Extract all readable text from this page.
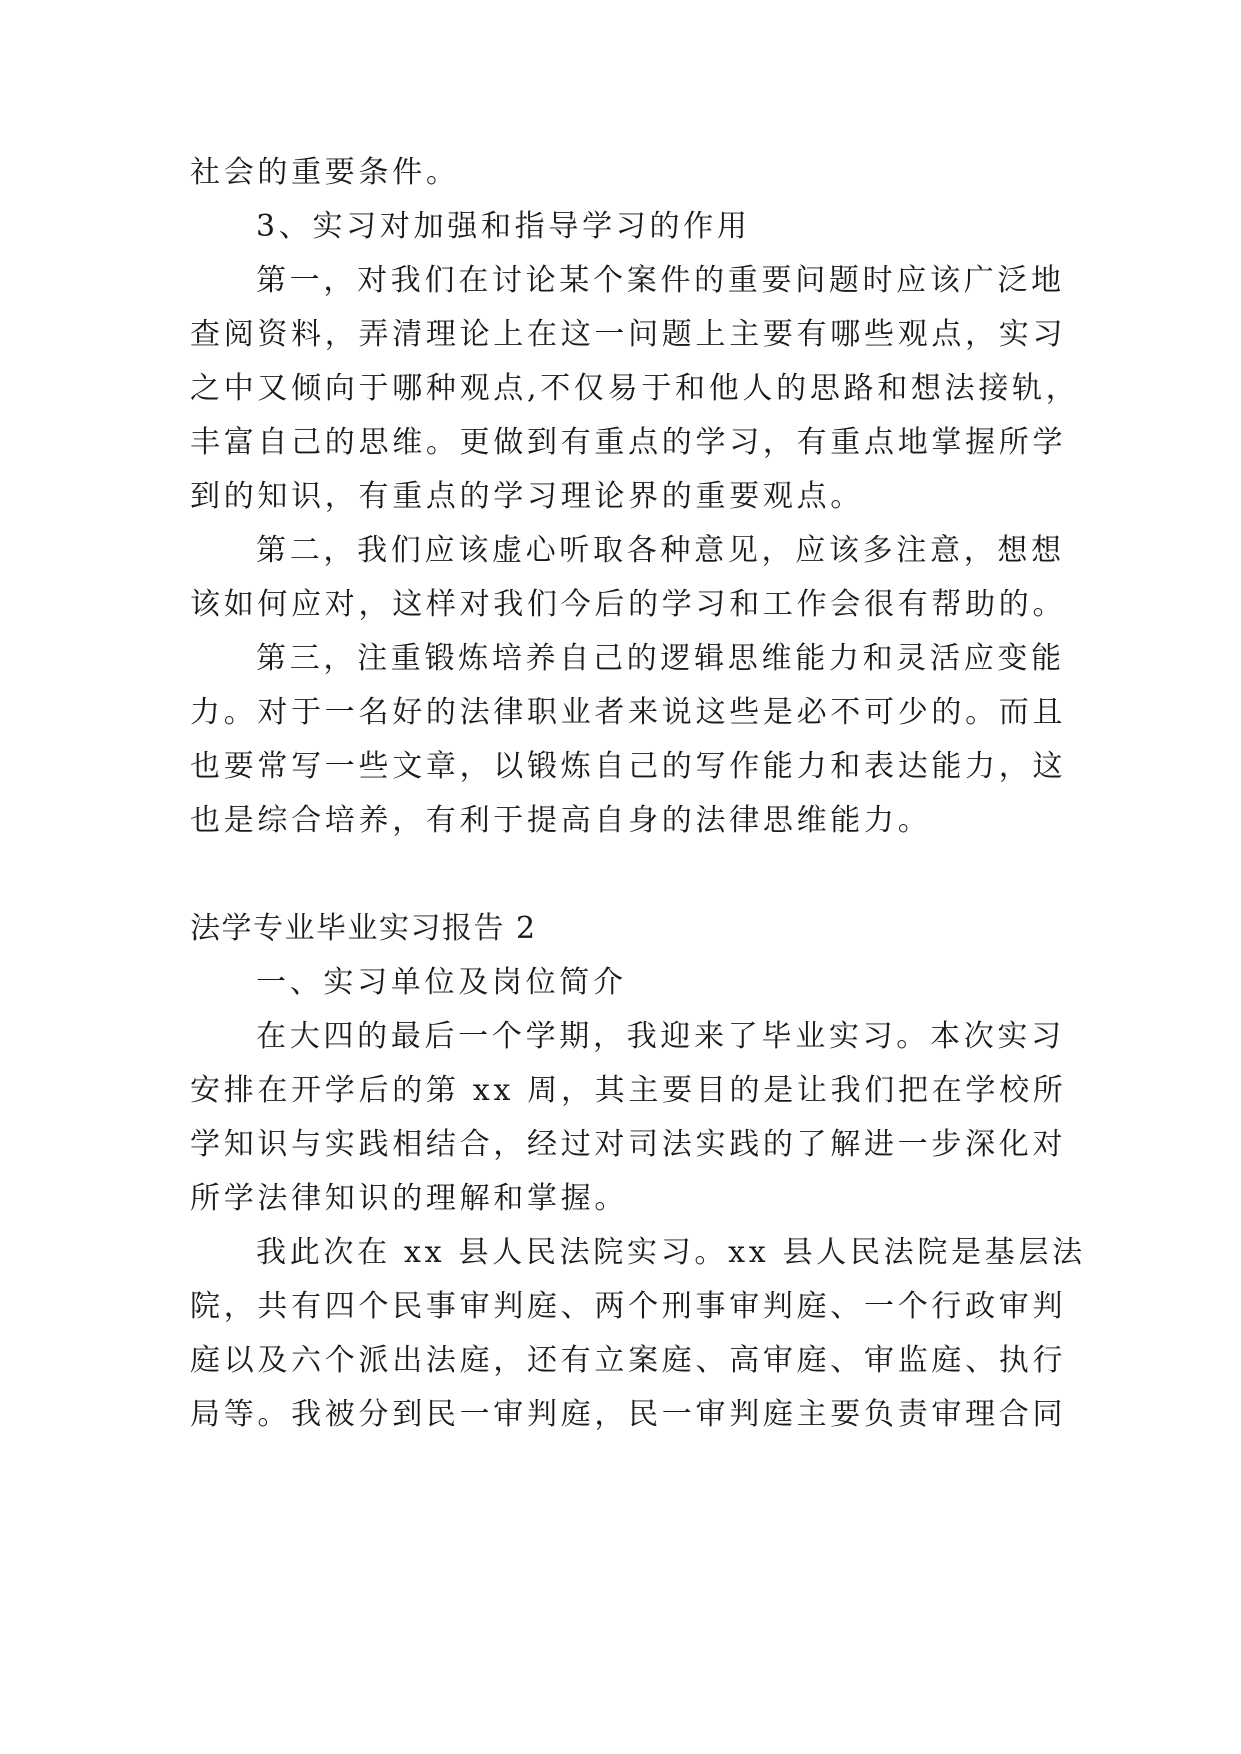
社会的重要条件。
3、实习对加强和指导学习的作用
第一，对我们在讨论某个案件的重要问题时应该广泛地
查阅资料，弄清理论上在这一问题上主要有哪些观点，实习
之中又倾向于哪种观点,不仅易于和他人的思路和想法接轨，
丰富自己的思维。更做到有重点的学习，有重点地掌握所学
到的知识，有重点的学习理论界的重要观点。
第二，我们应该虚心听取各种意见，应该多注意，想想
该如何应对，这样对我们今后的学习和工作会很有帮助的。
第三，注重锻炼培养自己的逻辑思维能力和灵活应变能
力。对于一名好的法律职业者来说这些是必不可少的。而且
也要常写一些文章，以锻炼自己的写作能力和表达能力，这
也是综合培养，有利于提高自身的法律思维能力。
法学专业毕业实习报告 2
一、实习单位及岗位简介
在大四的最后一个学期，我迎来了毕业实习。本次实习
安排在开学后的第 xx 周，其主要目的是让我们把在学校所
学知识与实践相结合，经过对司法实践的了解进一步深化对
所学法律知识的理解和掌握。
我此次在 xx 县人民法院实习。xx 县人民法院是基层法
院，共有四个民事审判庭、两个刑事审判庭、一个行政审判
庭以及六个派出法庭，还有立案庭、高审庭、审监庭、执行
局等。我被分到民一审判庭，民一审判庭主要负责审理合同
